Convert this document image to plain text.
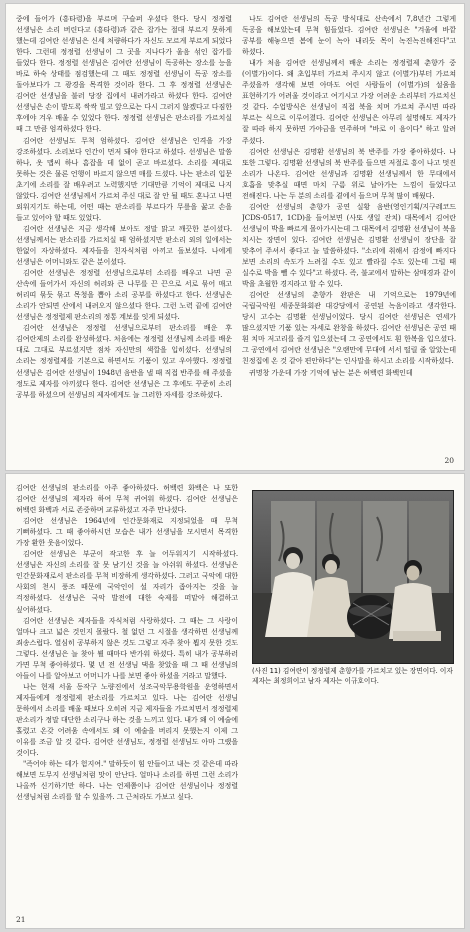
중에 들어가 (흥타령)을 부르며 구슬퍼 우셨다 한다. 당시 정정렬 선생님은 소리 버린다고 (흥타령)과 같은 잡가는 절대 부르지 못하게 했는데 김여란 선생님은 신세 처량하다가 자신도 모르게 부르게 되었다 한다. 그런데 정정렬 선생님이 그 곳을 지나다가 울음 섞인 잡가를 들었다 한다. 정정렬 선생님은 김여란 선생님이 독공하는 장소를 능을 바로 하숙 상태를 점검했는데 그 때도 정정렬 선생님이 독공 장소를 돌아보다가 그 광경을 목격한 것이라 한다. 그 후 정정렬 선생님은 김여란 선생님을 불러 당장 집에서 내려가라고 하셨다 한다. 김여란 선생님은 손이 발도록 싹싹 빌고 앞으로는 다시 그러지 않겠다고 다짐한 후에야 겨우 배울 수 있었다 한다. 정정렬 선생님은 판소리를 가르치실 때 그 만큼 엄격하셨다 한다.

김여란 선생님도 무척 엄하셨다. 김여란 선생님은 인격을 가장 강조하셨다. 소리보다 인간이 먼저 돼야 한다고 하셨다. 선생님은 말씀 하나, 옷 맵씨 하나 흠잡을 데 없이 곧고 바르셨다. 소리를 제대로 못하는 것은 물론 언행이 바르지 않으면 매를 드셨다. 나는 판소리 입문 초기에 소리를 잘 배우려고 노력했지만 기대만큼 기억이 제대로 나지 않았다. 김여란 선생님께서 가르쳐 주신 대로 잘 안 될 때도 혼나고 나면 외워지기도 하는데, 어떤 때는 판소리를 부르다가 무릎을 꿇고 손을 들고 있어야 할 때도 있었다.

김여란 선생님은 지금 생각해 보아도 정말 맑고 깨끗한 분이셨다. 선생님께서는 판소리를 가르치실 때 엄하셨지만 판소리 외의 일에서는 한없이 자상하셨다. 제자들을 친자식처럼 아끼고 돌보셨다. 나에게 선생님은 어머니와도 같은 분이셨다.

김여란 선생님은 정정렬 선생님으로부터 소리를 배우고 나면 곧 산속에 들어가서 자신의 허리와 큰 나무를 끈 끈으로 서로 묶어 매고 허리띠 묶듯 묶고 목청을 뽑아 소리 공부를 하셨다고 한다. 선생님은 소리가 안되면 산에서 내려오지 않으셨다 한다. 그런 노력 끝에 김여란 선생님은 정정렬제 판소리의 정통 계보를 잇게 되셨다.

김여란 선생님은 정정렬 선생님으로부터 판소리를 배운 후 김여란제의 소리를 완성하셨다. 처음에는 정정렬 선생님께 소리를 배운 대로 그대로 부르셨지만 점차 자신만의 색깔을 입히셨다. 선생님의 소리는 정정렬제를 기본으로 하면서도 기품이 있고 우아했다. 정정렬 선생님은 김여란 선생님이 1948년 음반을 낼 때 직접 반주를 해 주셨을 정도로 제자를 아끼셨다 한다. 김여란 선생님은 그 후에도 꾸준히 소리 공부를 하셨으며 선생님의 제자에게도 늘 그러한 자세를 강조하셨다.

나도 김여란 선생님의 독공 방식대로 산속에서 7,8년간 그렇게 독공을 해보았는데 무척 힘들었다. 김여란 선생님은 "겨울에 바깥 공부를 해놓으면 봄에 눈이 녹아 내리듯 목이 녹진녹진해진다"고 하셨다.

내가 처음 김여란 선생님께서 배운 소리는 정정렬제 춘향가 중 (이별가)이다. 왜 초입부터 가르쳐 주시지 않고 (이별가)부터 가르쳐 주셨을까 생각해 보면 아마도 여린 사람들이 (이별가)의 설움을 표현하기가 어려울 것이라고 여기시고 가장 어려운 소리부터 가르치신 것 같다. 수업방식은 선생님이 직접 북을 치며 가르쳐 주시면 따라 부르는 식으로 이루어졌다. 김여란 선생님은 아무리 설명해도 제자가 잘 따라 하지 못하면 가야금을 연주하며 "바로 이 음이다" 하고 알려 주셨다.

김여란 선생님은 김명환 선생님의 북 반주를 가장 좋아하셨다. 나 또한 그렇다. 김명환 선생님의 북 반주를 들으면 저절로 흥이 나고 멋진 소리가 나온다. 김여란 선생님과 김명환 선생님께서 한 무대에서 호흡을 맞추실 때면 마치 구름 위로 날아가는 느낌이 들었다고 전해진다. 나는 두 분의 소리를 곁에서 들으며 무척 많이 배웠다.

김여란 선생님의 춘향가 공연 실황 음반(영인기획/지구레코드 JCDS-0517, 1CD)을 들어보면 (사또 생일 잔치) 대목에서 김여란 선생님이 박을 빠르게 몰아가시는데 그 대목에서 김명환 선생님이 북을 치시는 장면이 있다. 김여란 선생님은 김명환 선생님이 장단을 잘 맞추어 주셔서 좋다고 늘 말씀하셨다. "소리에 취해서 감정에 빠지다 보면 소리의 속도가 느려질 수도 있고 빨라질 수도 있는데 그럴 때 실수로 박을 뺄 수 있다"고 하셨다. 즉, 불교에서 말하는 삼매경과 같이 박을 초월한 경지라고 할 수 있다.

김여란 선생님의 춘향가 완판은 내 기억으로는 1979년에 국립국악원 세종문화회관 대강당에서 공연된 녹음이라고 생각한다. 당시 고수는 김명환 선생님이었다. 당시 김여란 선생님은 연세가 많으셨지만 기품 있는 자세로 완창을 하셨다. 김여란 선생님은 공연 때 흰 치마 저고리를 즐겨 입으셨는데 그 공연에서도 흰 한복을 입으셨다. 그 공연에서 김여란 선생님은 "오랜만에 무대에 서서 떨릴 줄 알았는데 친정집에 온 것 같아 편안하다"는 인사말을 하시고 소리를 시작하셨다.

귀명창 가운데 가장 기억에 남는 분은 허백련 화백인데

20

김여란 선생님의 판소리를 아주 좋아하셨다. 허백련 화백은 나 또한 김여란 선생님의 제자라 하여 무척 귀여워 하셨다. 김여란 선생님은 허백련 화백과 서로 존중하며 교류하셨고 자주 만나셨다.

김여란 선생님은 1964년에 인간문화재로 지정되었을 때 무척 기뻐하셨다. 그 때 좋아하시던 모습은 내가 선생님을 모시면서 목격한 가장 환한 웃음이었다.

김여란 선생님은 부군이 작고한 후 늘 어두워지기 시작하셨다. 선생님은 자신의 소리를 잘 못 남기신 것을 늘 아쉬워 하셨다. 선생님은 인간문화재로서 판소리를 무척 비장하게 생각하셨다. 그러고 국악에 대한 사회의 천시 풍조 때문에 국악인이 설 자리가 좁아지는 것을 늘 걱정하셨다. 선생님은 국악 발전에 대한 숙제를 떠맡아 해결하고 싶어하셨다.

김여란 선생님은 제자들을 자식처럼 사랑하셨다. 그 때는 그 사랑이 얼마나 크고 넓은 것인지 몰랐다. 철 없던 그 시절을 생각하면 선생님께 죄송스럽다. 열심히 공부하지 않은 것도 그렇고 자주 찾아 뵙지 못한 것도 그렇다. 선생님은 늘 찾아 뵐 때마다 반가워 하셨다. 특히 내가 공부하러 가면 무척 좋아하셨다. 몇 년 전 선생님 댁을 찾았을 때 그 때 선생님의 아들이 나를 알아보고 어머니가 나를 보면 좋아 하셨을 거라고 말했다.

나는 현재 서울 동작구 노량진에서 성조국악무용학원을 운영하면서 제자들에게 정정렬제 판소리를 가르치고 있다. 나는 김여란 선생님 문하에서 소리를 배울 때보다 오히려 지금 제자들을 가르치면서 정정렬제 판소리가 정말 대단한 소리구나 하는 것을 느끼고 있다. 내가 왜 이 예술에 홀렸고 온갖 어려움 속에서도 왜 이 예술을 버리지 못했는지 이제 그 이유를 조금 알 것 같다. 김여란 선생님도, 정정렬 선생님도 아마 그랬을 것이다.

"즉어야 하는 데가 험지여." 말하듯이 힘 안들이고 내는 것 같은데 따라 해보면 도무지 선생님처럼 맛이 안난다. 얼마나 소리를 하면 그런 소리가 나올까 신기하기만 하다. 나는 언제쯤이나 김여란 선생님이나 정정렬 선생님처럼 소리를 할 수 있을까. 그 근처라도 가보고 싶다.

(사진 11) 김여란이 정정렬제 춘향가를 가르치고 있는 장면이다. 이자 제자는 최정희이고 남자 제자는 이규호이다.
21
